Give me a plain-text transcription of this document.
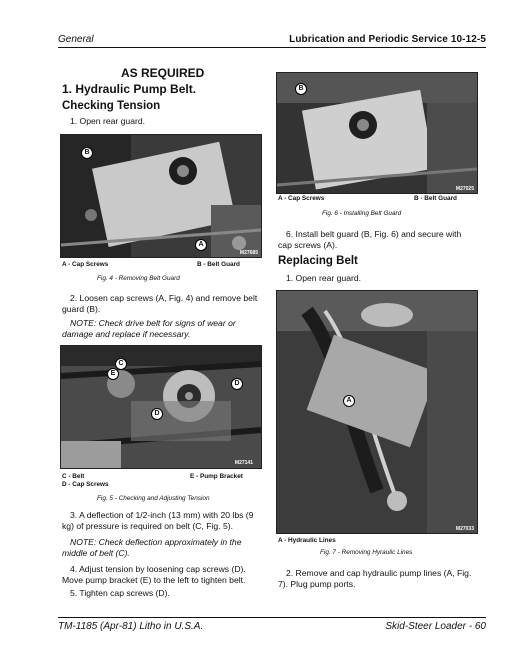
General	Lubrication and Periodic Service 10-12-5
AS REQUIRED
1. Hydraulic Pump Belt.
Checking Tension
1. Open rear guard.
B
A
M27685
A - Cap Screws	B - Belt Guard
Fig. 4 - Removing Belt Guard
2. Loosen cap screws (A, Fig. 4) and remove belt guard (B).
NOTE: Check drive belt for signs of wear or damage and replace if necessary.
E
C
D
D
M27141
C - Belt	E - Pump Bracket
D - Cap Screws
Fig. 5 - Checking and Adjusting Tension
3. A deflection of 1/2-inch (13 mm) with 20 lbs (9 kg) of pressure is required on belt (C, Fig. 5).
NOTE: Check deflection approximately in the middle of belt (C).
4. Adjust tension by loosening cap screws (D). Move pump bracket (E) to the left to tighten belt.
5. Tighten cap screws (D).
B
M27025
A - Cap Screws	B - Belt Guard
Fig. 6 - Installing Belt Guard
6. Install belt guard (B, Fig. 6) and secure with cap screws (A).
Replacing Belt
1. Open rear guard.
A
M27033
A - Hydraulic Lines
Fig. 7 - Removing Hyraulic Lines
2. Remove and cap hydraulic pump lines (A, Fig. 7). Plug pump ports.
TM-1185 (Apr-81) Litho in U.S.A.	Skid-Steer Loader - 60
